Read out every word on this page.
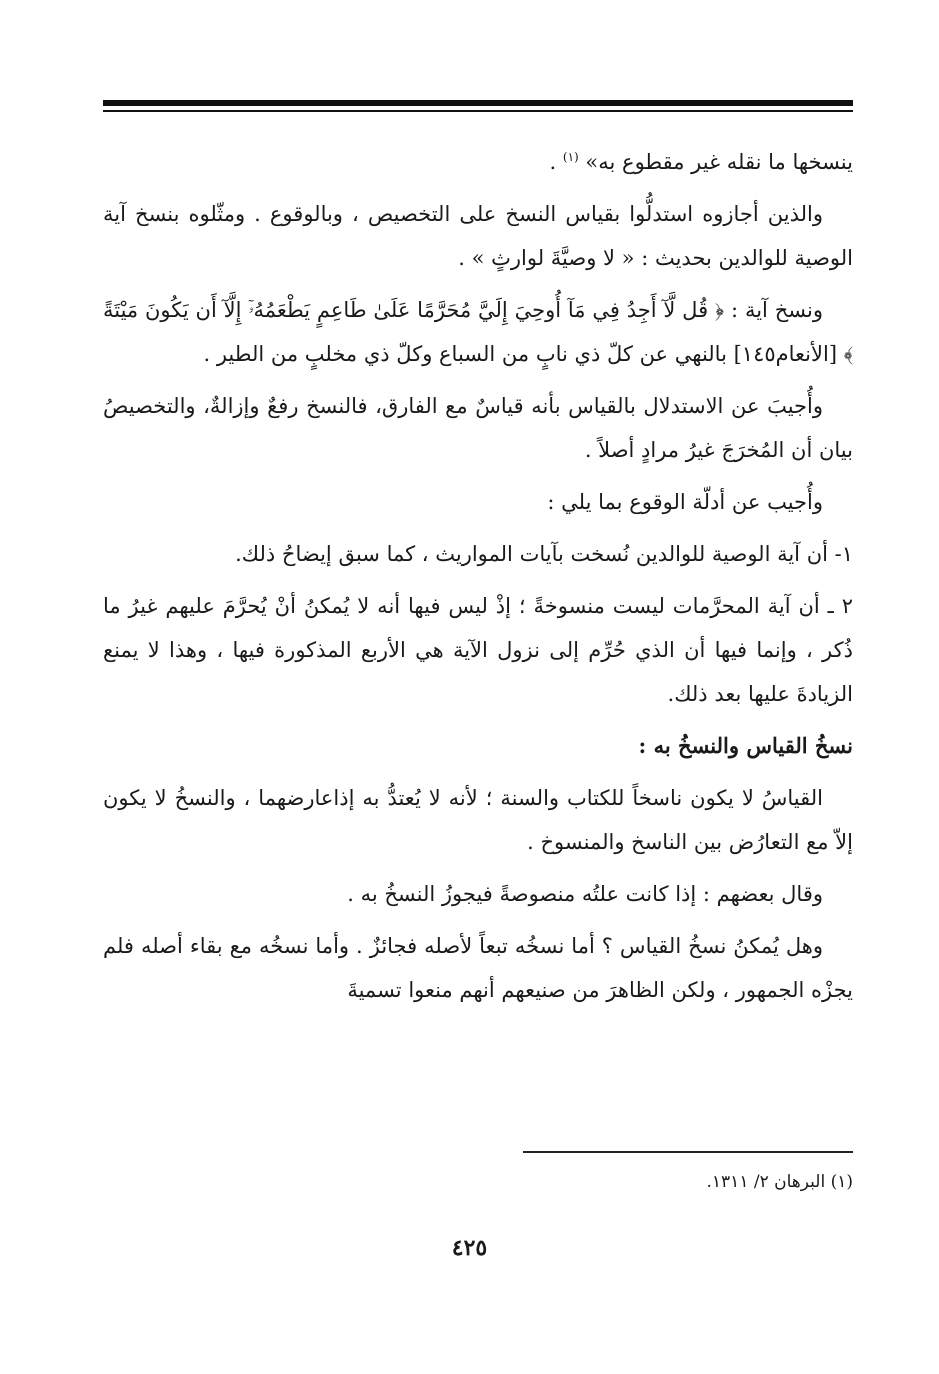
ينسخها ما نقله غير مقطوع به» $^{(١)}$ .

والذين أجازوه استدلُّوا بقياس النسخ على التخصيص ، وبالوقوع . ومثّلوه بنسخ آية الوصية للوالدين بحديث : « لا وصيَّةَ لوارثٍ » .

ونسخ آية : ﴿ قُل لَّآ أَجِدُ فِي مَآ أُوحِيَ إِلَيَّ مُحَرَّمًا عَلَىٰ طَاعِمٍ يَطْعَمُهُۥٓ إِلَّآ أَن يَكُونَ مَيْتَةً ﴾ [الأنعام١٤٥] بالنهي عن كلّ ذي نابٍ من السباع وكلّ ذي مخلبٍ من الطير .

وأُجيبَ عن الاستدلال بالقياس بأنه قياسٌ مع الفارق، فالنسخ رفعٌ وإزالةٌ، والتخصيصُ بيان أن المُخرَجَ غيرُ مرادٍ أصلاً .

وأُجيب عن أدلّة الوقوع بما يلي :

١- أن آية الوصية للوالدين نُسخت بآيات المواريث ، كما سبق إيضاحُ ذلك.

٢ ـ أن آية المحرَّمات ليست منسوخةً ؛ إذْ ليس فيها أنه لا يُمكنُ أنْ يُحرَّمَ عليهم غيرُ ما ذُكر ، وإنما فيها أن الذي حُرِّم إلى نزول الآية هي الأربع المذكورة فيها ، وهذا لا يمنع الزيادةَ عليها بعد ذلك.

نسخُ القياس والنسخُ به :

القياسُ لا يكون ناسخاً للكتاب والسنة ؛ لأنه لا يُعتدُّ به إذاعارضهما ، والنسخُ لا يكون إلاّ مع التعارُض بين الناسخ والمنسوخ .

وقال بعضهم : إذا كانت علتُه منصوصةً فيجوزُ النسخُ به .

وهل يُمكنُ نسخُ القياس ؟ أما نسخُه تبعاً لأصله فجائزٌ . وأما نسخُه مع بقاء أصله فلم يجزْه الجمهور ، ولكن الظاهرَ من صنيعهم أنهم منعوا تسميةَ

(١) البرهان ٢/ ١٣١١.
٤٢٥
